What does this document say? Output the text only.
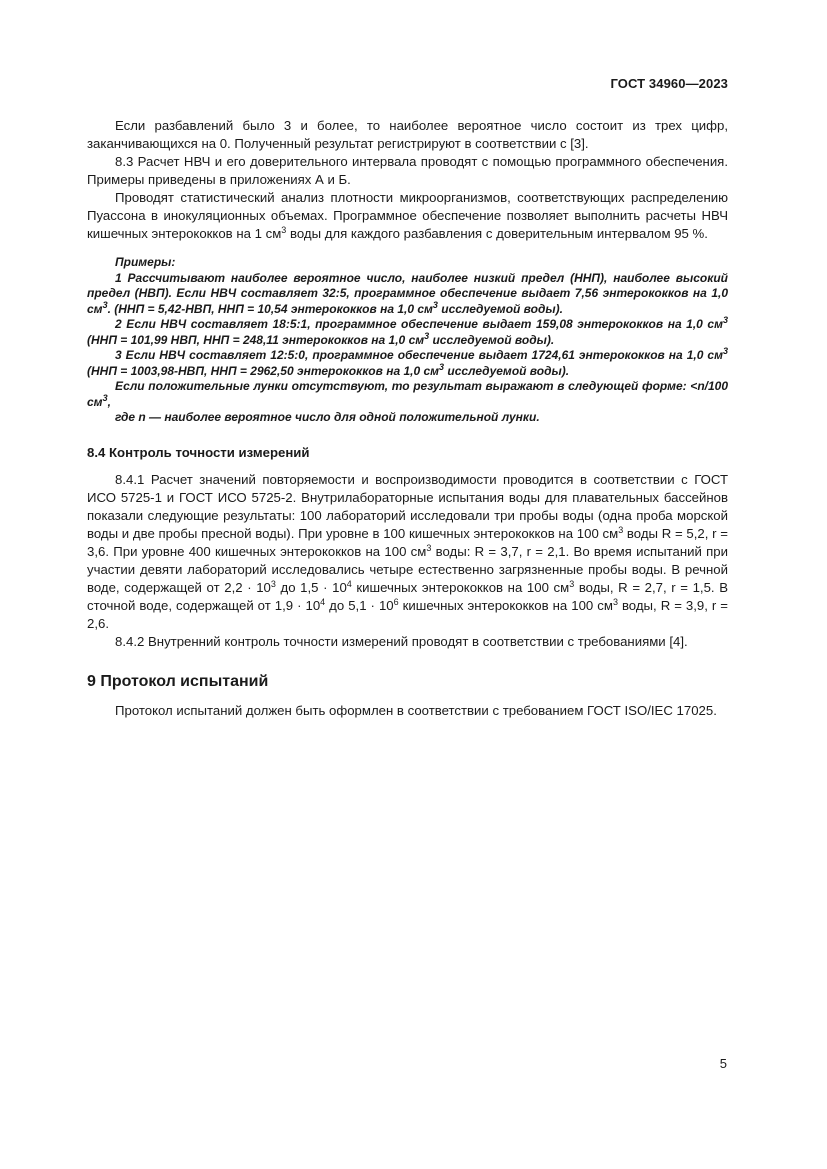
ГОСТ 34960—2023

Если разбавлений было 3 и более, то наиболее вероятное число состоит из трех цифр, заканчивающихся на 0. Полученный результат регистрируют в соответствии с [3].

8.3 Расчет НВЧ и его доверительного интервала проводят с помощью программного обеспечения. Примеры приведены в приложениях А и Б.

Проводят статистический анализ плотности микроорганизмов, соответствующих распределению Пуассона в инокуляционных объемах. Программное обеспечение позволяет выполнить расчеты НВЧ кишечных энтерококков на 1 $см^3$ воды для каждого разбавления с доверительным интервалом 95 %.

Примеры:

1 Рассчитывают наиболее вероятное число, наиболее низкий предел (ННП), наиболее высокий предел (НВП). Если НВЧ составляет 32:5, программное обеспечение выдает 7,56 энтерококков на 1,0 $см^3$. (ННП = 5,42-НВП, ННП = 10,54 энтерококков на 1,0 $см^3$ исследуемой воды).

2 Если НВЧ составляет 18:5:1, программное обеспечение выдает 159,08 энтерококков на 1,0 $см^3$ (ННП = 101,99 НВП, ННП = 248,11 энтерококков на 1,0 $см^3$ исследуемой воды).

3 Если НВЧ составляет 12:5:0, программное обеспечение выдает 1724,61 энтерококков на 1,0 $см^3$ (ННП = 1003,98-НВП, ННП = 2962,50 энтерококков на 1,0 $см^3$ исследуемой воды).

Если положительные лунки отсутствуют, то результат выражают в следующей форме: <n/100 $см^3$,

где n — наиболее вероятное число для одной положительной лунки.

8.4 Контроль точности измерений

8.4.1 Расчет значений повторяемости и воспроизводимости проводится в соответствии с ГОСТ ИСО 5725-1 и ГОСТ ИСО 5725-2. Внутрилабораторные испытания воды для плавательных бассейнов показали следующие результаты: 100 лабораторий исследовали три пробы воды (одна проба морской воды и две пробы пресной воды). При уровне в 100 кишечных энтерококков на 100 $см^3$ воды R = 5,2, r = 3,6. При уровне 400 кишечных энтерококков на 100 $см^3$ воды: R = 3,7, r = 2,1. Во время испытаний при участии девяти лабораторий исследовались четыре естественно загрязненные пробы воды. В речной воде, содержащей от $2,2 \cdot 10^3$ до $1,5 \cdot 10^4$ кишечных энтерококков на 100 $см^3$ воды, R = 2,7, r = 1,5. В сточной воде, содержащей от $1,9 \cdot 10^4$ до $5,1 \cdot 10^6$ кишечных энтерококков на 100 $см^3$ воды, R = 3,9, r = 2,6.

8.4.2 Внутренний контроль точности измерений проводят в соответствии с требованиями [4].

9 Протокол испытаний

Протокол испытаний должен быть оформлен в соответствии с требованием ГОСТ ISO/IEC 17025.

5
